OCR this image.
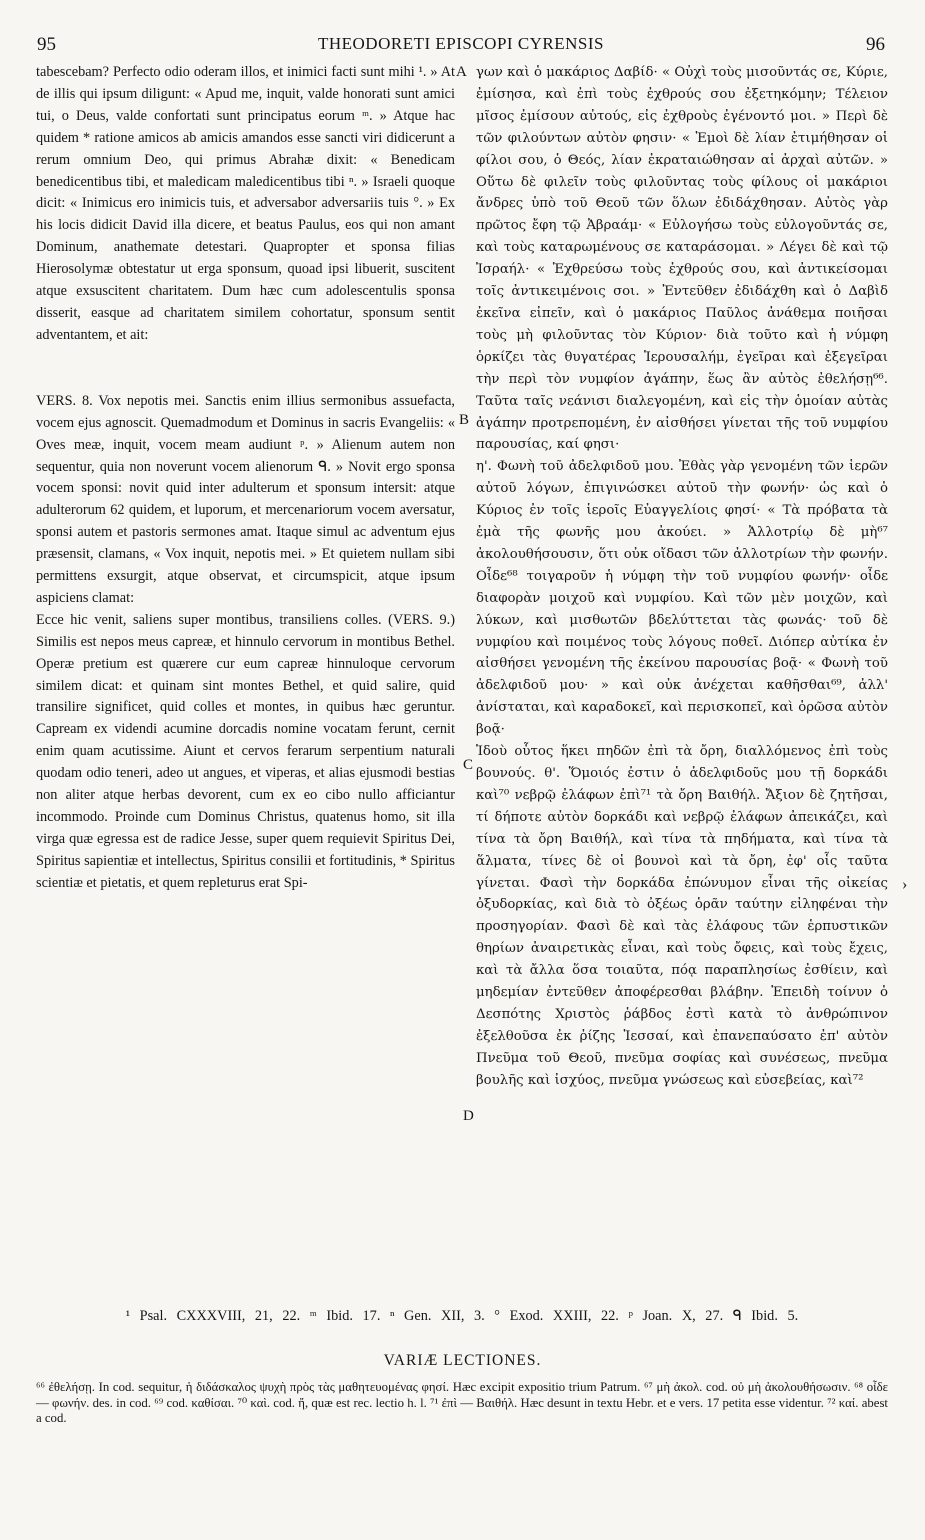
95	THEODORETI EPISCOPI CYRENSIS	96

tabescebam? Perfecto odio oderam illos, et inimici facti sunt mihi ¹. » At de illis qui ipsum diligunt: « Apud me, inquit, valde honorati sunt amici tui, o Deus, valde confortati sunt principatus eorum ᵐ. » Atque hac quidem * ratione amicos ab amicis amandos esse sancti viri didicerunt a rerum omnium Deo, qui primus Abrahæ dixit: « Benedicam benedicentibus tibi, et maledicam maledicentibus tibi ⁿ. » Israeli quoque dicit: « Inimicus ero inimicis tuis, et adversabor adversariis tuis °. » Ex his locis didicit David illa dicere, et beatus Paulus, eos qui non amant Dominum, anathemate detestari. Quapropter et sponsa filias Hierosolymæ obtestatur ut erga sponsum, quoad ipsi libuerit, suscitent atque exsuscitent charitatem. Dum hæc cum adolescentulis sponsa disserit, easque ad charitatem similem cohortatur, sponsum sentit adventantem, et ait:

VERS. 8. Vox nepotis mei. Sanctis enim illius sermonibus assuefacta, vocem ejus agnoscit. Quemadmodum et Dominus in sacris Evangeliis: « Oves meæ, inquit, vocem meam audiunt ᵖ. » Alienum autem non sequentur, quia non noverunt vocem alienorum ᑫ. » Novit ergo sponsa vocem sponsi: novit quid inter adulterum et sponsum intersit: atque adulterorum 62 quidem, et luporum, et mercenariorum vocem aversatur, sponsi autem et pastoris sermones amat. Itaque simul ac adventum ejus præsensit, clamans, « Vox inquit, nepotis mei. » Et quietem nullam sibi permittens exsurgit, atque observat, et circumspicit, atque ipsum aspiciens clamat:

Ecce hic venit, saliens super montibus, transiliens colles. (VERS. 9.) Similis est nepos meus capreæ, et hinnulo cervorum in montibus Bethel. Operæ pretium est quærere cur eum capreæ hinnuloque cervorum similem dicat: et quinam sint montes Bethel, et quid salire, quid transilire significet, quid colles et montes, in quibus hæc geruntur. Capream ex videndi acumine dorcadis nomine vocatam ferunt, cernit enim quam acutissime. Aiunt et cervos ferarum serpentium naturali quodam odio teneri, adeo ut angues, et viperas, et alias ejusmodi bestias non aliter atque herbas devorent, cum ex eo cibo nullo afficiantur incommodo. Proinde cum Dominus Christus, quatenus homo, sit illa virga quæ egressa est de radice Jesse, super quem requievit Spiritus Dei, Spiritus sapientiæ et intellectus, Spiritus consilii et fortitudinis, * Spiritus scientiæ et pietatis, et quem repleturus erat Spi-

γων καὶ ὁ μακάριος Δαβίδ· « Οὐχὶ τοὺς μισοῦντάς σε, Κύριε, ἐμίσησα, καὶ ἐπὶ τοὺς ἐχθρούς σου ἐξετηκόμην; Τέλειον μῖσος ἐμίσουν αὐτούς, εἰς ἐχθροὺς ἐγένοντό μοι. » Περὶ δὲ τῶν φιλούντων αὐτὸν φησιν· « Ἐμοὶ δὲ λίαν ἐτιμήθησαν οἱ φίλοι σου, ὁ Θεός, λίαν ἐκραταιώθησαν αἱ ἀρχαὶ αὐτῶν. » Οὕτω δὲ φιλεῖν τοὺς φιλοῦντας τοὺς φίλους οἱ μακάριοι ἄνδρες ὑπὸ τοῦ Θεοῦ τῶν ὅλων ἐδιδάχθησαν. Αὐτὸς γὰρ πρῶτος ἔφη τῷ Ἀβραάμ· « Εὐλογήσω τοὺς εὐλογοῦντάς σε, καὶ τοὺς καταρωμένους σε καταράσομαι. » Λέγει δὲ καὶ τῷ Ἰσραήλ· « Ἐχθρεύσω τοὺς ἐχθρούς σου, καὶ ἀντικείσομαι τοῖς ἀντικειμένοις σοι. » Ἐντεῦθεν ἐδιδάχθη καὶ ὁ Δαβὶδ ἐκεῖνα εἰπεῖν, καὶ ὁ μακάριος Παῦλος ἀνάθεμα ποιῆσαι τοὺς μὴ φιλοῦντας τὸν Κύριον· διὰ τοῦτο καὶ ἡ νύμφη ὁρκίζει τὰς θυγατέρας Ἱερουσαλήμ, ἐγεῖραι καὶ ἐξεγεῖραι τὴν περὶ τὸν νυμφίον ἀγάπην, ἕως ἂν αὐτὸς ἐθελήσῃ⁶⁶. Ταῦτα ταῖς νεάνισι διαλεγομένη, καὶ εἰς τὴν ὁμοίαν αὐτὰς ἀγάπην προτρεπομένη, ἐν αἰσθήσει γίνεται τῆς τοῦ νυμφίου παρουσίας, καί φησι·

η'. Φωνὴ τοῦ ἀδελφιδοῦ μου. Ἐθὰς γὰρ γενομένη τῶν ἱερῶν αὐτοῦ λόγων, ἐπιγινώσκει αὐτοῦ τὴν φωνήν· ὡς καὶ ὁ Κύριος ἐν τοῖς ἱεροῖς Εὐαγγελίοις φησί· « Τὰ πρόβατα τὰ ἐμὰ τῆς φωνῆς μου ἀκούει. » Ἀλλοτρίῳ δὲ μὴ⁶⁷ ἀκολουθήσουσιν, ὅτι οὐκ οἴδασι τῶν ἀλλοτρίων τὴν φωνήν. Οἶδε⁶⁸ τοιγαροῦν ἡ νύμφη τὴν τοῦ νυμφίου φωνήν· οἶδε διαφορὰν μοιχοῦ καὶ νυμφίου. Καὶ τῶν μὲν μοιχῶν, καὶ λύκων, καὶ μισθωτῶν βδελύττεται τὰς φωνάς· τοῦ δὲ νυμφίου καὶ ποιμένος τοὺς λόγους ποθεῖ. Διόπερ αὐτίκα ἐν αἰσθήσει γενομένη τῆς ἐκείνου παρουσίας βοᾷ· « Φωνὴ τοῦ ἀδελφιδοῦ μου· » καὶ οὐκ ἀνέχεται καθῆσθαι⁶⁹, ἀλλ' ἀνίσταται, καὶ καραδοκεῖ, καὶ περισκοπεῖ, καὶ ὁρῶσα αὐτὸν βοᾷ·

Ἰδοὺ οὗτος ἥκει πηδῶν ἐπὶ τὰ ὄρη, διαλλόμενος ἐπὶ τοὺς βουνούς. θ'. Ὅμοιός ἐστιν ὁ ἀδελφιδοῦς μου τῇ δορκάδι καὶ⁷⁰ νεβρῷ ἐλάφων ἐπὶ⁷¹ τὰ ὄρη Βαιθήλ. Ἄξιον δὲ ζητῆσαι, τί δήποτε αὐτὸν δορκάδι καὶ νεβρῷ ἐλάφων ἀπεικάζει, καὶ τίνα τὰ ὄρη Βαιθήλ, καὶ τίνα τὰ πηδήματα, καὶ τίνα τὰ ἅλματα, τίνες δὲ οἱ βουνοὶ καὶ τὰ ὄρη, ἐφ' οἷς ταῦτα γίνεται. Φασὶ τὴν δορκάδα ἐπώνυμον εἶναι τῆς οἰκείας ὀξυδορκίας, καὶ διὰ τὸ ὀξέως ὁρᾶν ταύτην εἰληφέναι τὴν προσηγορίαν. Φασὶ δὲ καὶ τὰς ἐλάφους τῶν ἑρπυστικῶν θηρίων ἀναιρετικὰς εἶναι, καὶ τοὺς ὄφεις, καὶ τοὺς ἔχεις, καὶ τὰ ἄλλα ὅσα τοιαῦτα, πόᾳ παραπλησίως ἐσθίειν, καὶ μηδεμίαν ἐντεῦθεν ἀποφέρεσθαι βλάβην. Ἐπειδὴ τοίνυν ὁ Δεσπότης Χριστὸς ῥάβδος ἐστὶ κατὰ τὸ ἀνθρώπινον ἐξελθοῦσα ἐκ ῥίζης Ἰεσσαί, καὶ ἐπανεπαύσατο ἐπ' αὐτὸν Πνεῦμα τοῦ Θεοῦ, πνεῦμα σοφίας καὶ συνέσεως, πνεῦμα βουλῆς καὶ ἰσχύος, πνεῦμα γνώσεως καὶ εὐσεβείας, καὶ⁷²

A
B
C
D
›
¹ Psal. CXXXVIII, 21, 22. ᵐ Ibid. 17. ⁿ Gen. XII, 3. ° Exod. XXIII, 22. ᵖ Joan. X, 27. ᑫ Ibid. 5.
VARIÆ LECTIONES.
⁶⁶ ἐθελήσῃ. In cod. sequitur, ἡ διδάσκαλος ψυχὴ πρὸς τὰς μαθητευομένας φησί. Hæc excipit expositio trium Patrum. ⁶⁷ μὴ ἀκολ. cod. οὐ μὴ ἀκολουθήσωσιν. ⁶⁸ οἶδε — φωνήν. des. in cod. ⁶⁹ cod. καθίσαι. ⁷⁰ καὶ. cod. ἤ, quæ est rec. lectio h. l. ⁷¹ ἐπὶ — Βαιθήλ. Hæc desunt in textu Hebr. et e vers. 17 petita esse videntur. ⁷² καί. abest a cod.
